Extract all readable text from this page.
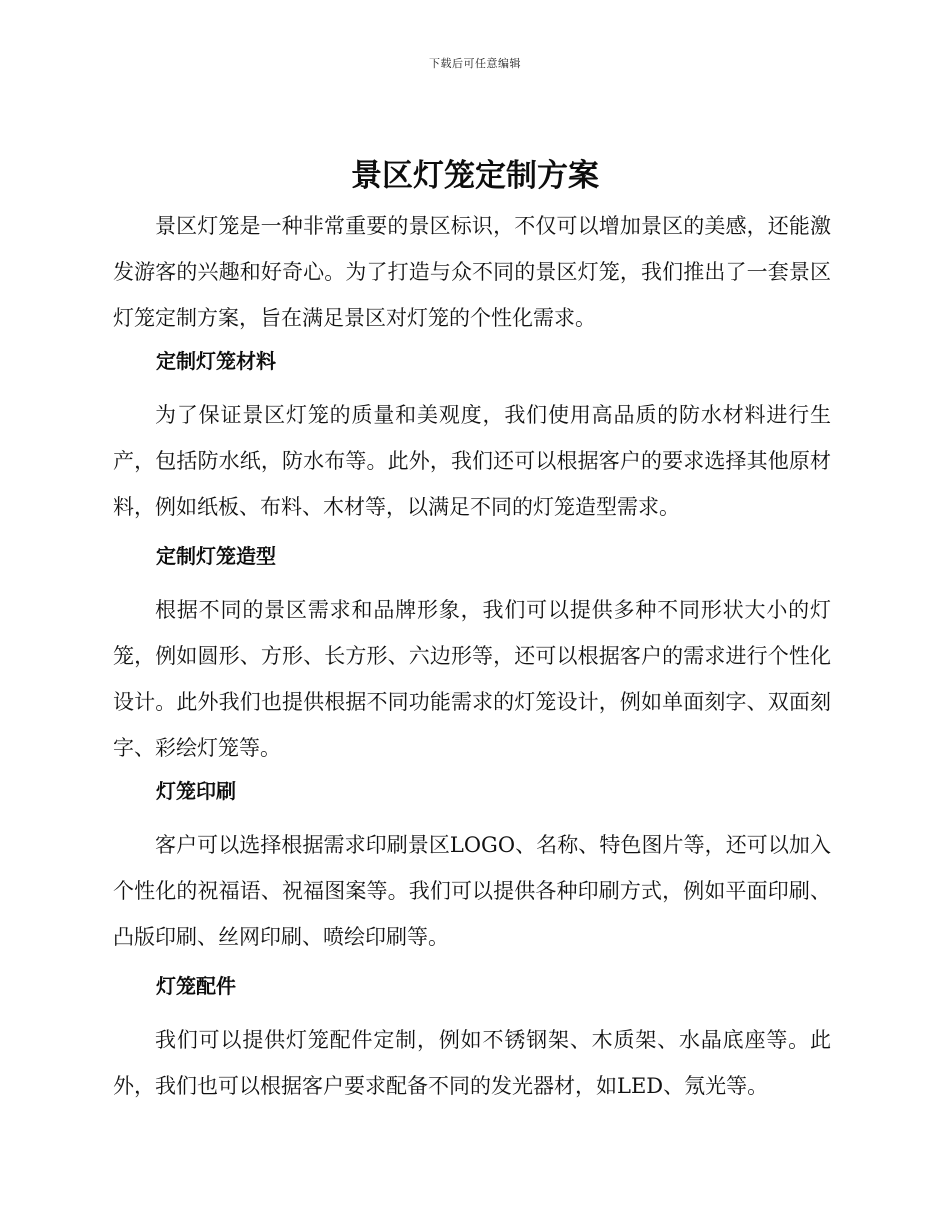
下载后可任意编辑
景区灯笼定制方案

景区灯笼是一种非常重要的景区标识，不仅可以增加景区的美感，还能激发游客的兴趣和好奇心。为了打造与众不同的景区灯笼，我们推出了一套景区灯笼定制方案，旨在满足景区对灯笼的个性化需求。

定制灯笼材料

为了保证景区灯笼的质量和美观度，我们使用高品质的防水材料进行生产，包括防水纸，防水布等。此外，我们还可以根据客户的要求选择其他原材料，例如纸板、布料、木材等，以满足不同的灯笼造型需求。

定制灯笼造型

根据不同的景区需求和品牌形象，我们可以提供多种不同形状大小的灯笼，例如圆形、方形、长方形、六边形等，还可以根据客户的需求进行个性化设计。此外我们也提供根据不同功能需求的灯笼设计，例如单面刻字、双面刻字、彩绘灯笼等。

灯笼印刷

客户可以选择根据需求印刷景区LOGO、名称、特色图片等，还可以加入个性化的祝福语、祝福图案等。我们可以提供各种印刷方式，例如平面印刷、凸版印刷、丝网印刷、喷绘印刷等。

灯笼配件

我们可以提供灯笼配件定制，例如不锈钢架、木质架、水晶底座等。此外，我们也可以根据客户要求配备不同的发光器材，如LED、氖光等。
